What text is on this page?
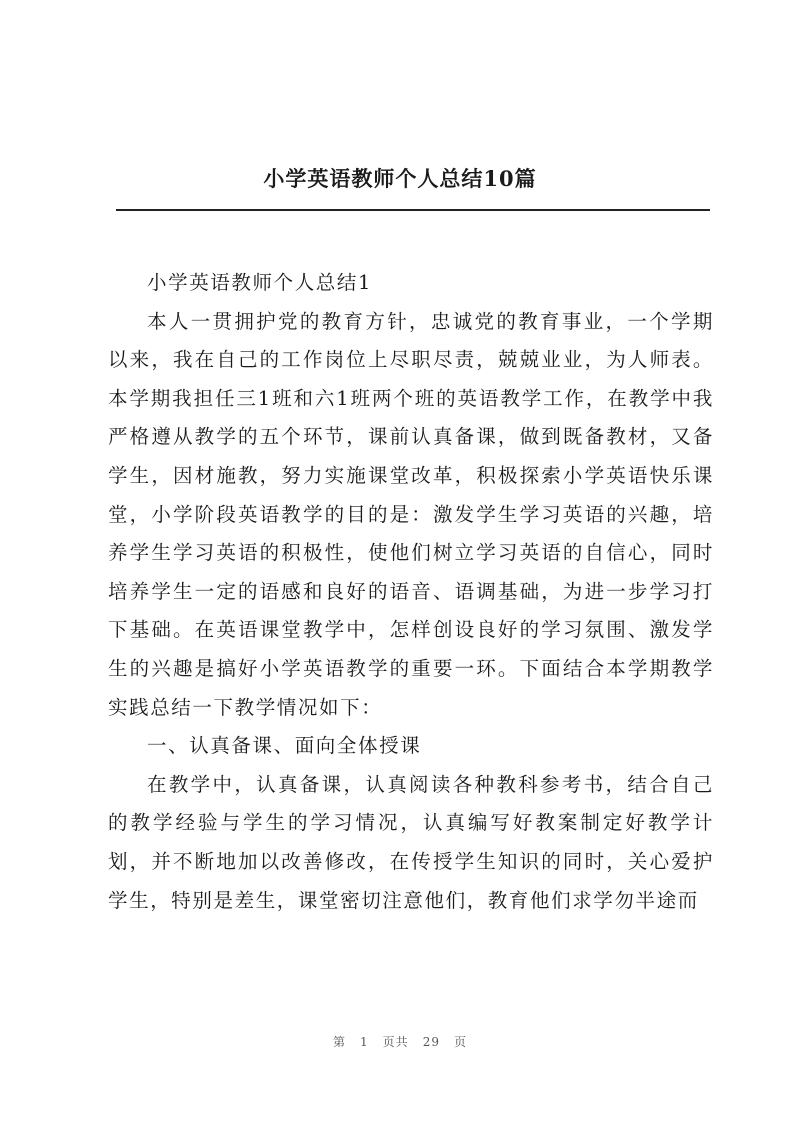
小学英语教师个人总结10篇

小学英语教师个人总结1

本人一贯拥护党的教育方针，忠诚党的教育事业，一个学期以来，我在自己的工作岗位上尽职尽责，兢兢业业，为人师表。本学期我担任三1班和六1班两个班的英语教学工作，在教学中我严格遵从教学的五个环节，课前认真备课，做到既备教材，又备学生，因材施教，努力实施课堂改革，积极探索小学英语快乐课堂，小学阶段英语教学的目的是：激发学生学习英语的兴趣，培养学生学习英语的积极性，使他们树立学习英语的自信心，同时培养学生一定的语感和良好的语音、语调基础，为进一步学习打下基础。在英语课堂教学中，怎样创设良好的学习氛围、激发学生的兴趣是搞好小学英语教学的重要一环。下面结合本学期教学实践总结一下教学情况如下：

一、认真备课、面向全体授课

在教学中，认真备课，认真阅读各种教科参考书，结合自己的教学经验与学生的学习情况，认真编写好教案制定好教学计划，并不断地加以改善修改，在传授学生知识的同时，关心爱护学生，特别是差生，课堂密切注意他们，教育他们求学勿半途而

第 1 页共 29 页
